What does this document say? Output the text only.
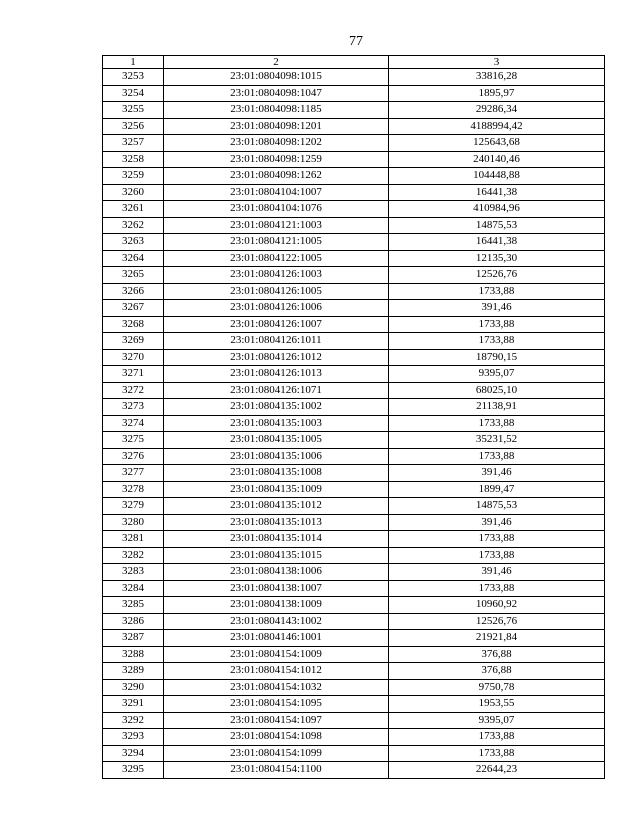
77
1	2	3
3253	23:01:0804098:1015	33816,28
3254	23:01:0804098:1047	1895,97
3255	23:01:0804098:1185	29286,34
3256	23:01:0804098:1201	4188994,42
3257	23:01:0804098:1202	125643,68
3258	23:01:0804098:1259	240140,46
3259	23:01:0804098:1262	104448,88
3260	23:01:0804104:1007	16441,38
3261	23:01:0804104:1076	410984,96
3262	23:01:0804121:1003	14875,53
3263	23:01:0804121:1005	16441,38
3264	23:01:0804122:1005	12135,30
3265	23:01:0804126:1003	12526,76
3266	23:01:0804126:1005	1733,88
3267	23:01:0804126:1006	391,46
3268	23:01:0804126:1007	1733,88
3269	23:01:0804126:1011	1733,88
3270	23:01:0804126:1012	18790,15
3271	23:01:0804126:1013	9395,07
3272	23:01:0804126:1071	68025,10
3273	23:01:0804135:1002	21138,91
3274	23:01:0804135:1003	1733,88
3275	23:01:0804135:1005	35231,52
3276	23:01:0804135:1006	1733,88
3277	23:01:0804135:1008	391,46
3278	23:01:0804135:1009	1899,47
3279	23:01:0804135:1012	14875,53
3280	23:01:0804135:1013	391,46
3281	23:01:0804135:1014	1733,88
3282	23:01:0804135:1015	1733,88
3283	23:01:0804138:1006	391,46
3284	23:01:0804138:1007	1733,88
3285	23:01:0804138:1009	10960,92
3286	23:01:0804143:1002	12526,76
3287	23:01:0804146:1001	21921,84
3288	23:01:0804154:1009	376,88
3289	23:01:0804154:1012	376,88
3290	23:01:0804154:1032	9750,78
3291	23:01:0804154:1095	1953,55
3292	23:01:0804154:1097	9395,07
3293	23:01:0804154:1098	1733,88
3294	23:01:0804154:1099	1733,88
3295	23:01:0804154:1100	22644,23
